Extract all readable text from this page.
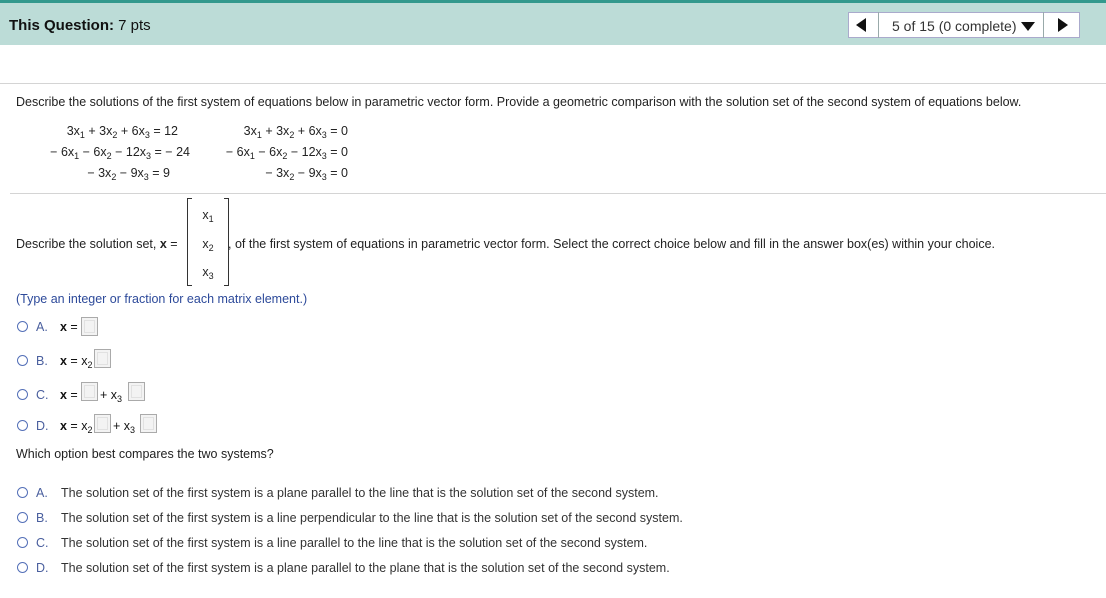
This Question: 7 pts	5 of 15 (0 complete)
Describe the solutions of the first system of equations below in parametric vector form. Provide a geometric comparison with the solution set of the second system of equations below.
$3x_1 + 3x_2 + 6x_3 = 12$
− $6x_1 - 6x_2 - 12x_3$ = − 24
− $3x_2 - 9x_3 = 9$
$3x_1 + 3x_2 + 6x_3 = 0$
− $6x_1 - 6x_2 - 12x_3 = 0$
− $3x_2 - 9x_3 = 0$
Describe the solution set, x =
$x_1$
$x_2$
$x_3$
, of the first system of equations in parametric vector form. Select the correct choice below and fill in the answer box(es) within your choice.
(Type an integer or fraction for each matrix element.)
A. x =
B. $x = x_2$
C. x = + $x_3$
D. $x = x_2 + x_3$
Which option best compares the two systems?
A. The solution set of the first system is a plane parallel to the line that is the solution set of the second system.
B. The solution set of the first system is a line perpendicular to the line that is the solution set of the second system.
C. The solution set of the first system is a line parallel to the line that is the solution set of the second system.
D. The solution set of the first system is a plane parallel to the plane that is the solution set of the second system.
